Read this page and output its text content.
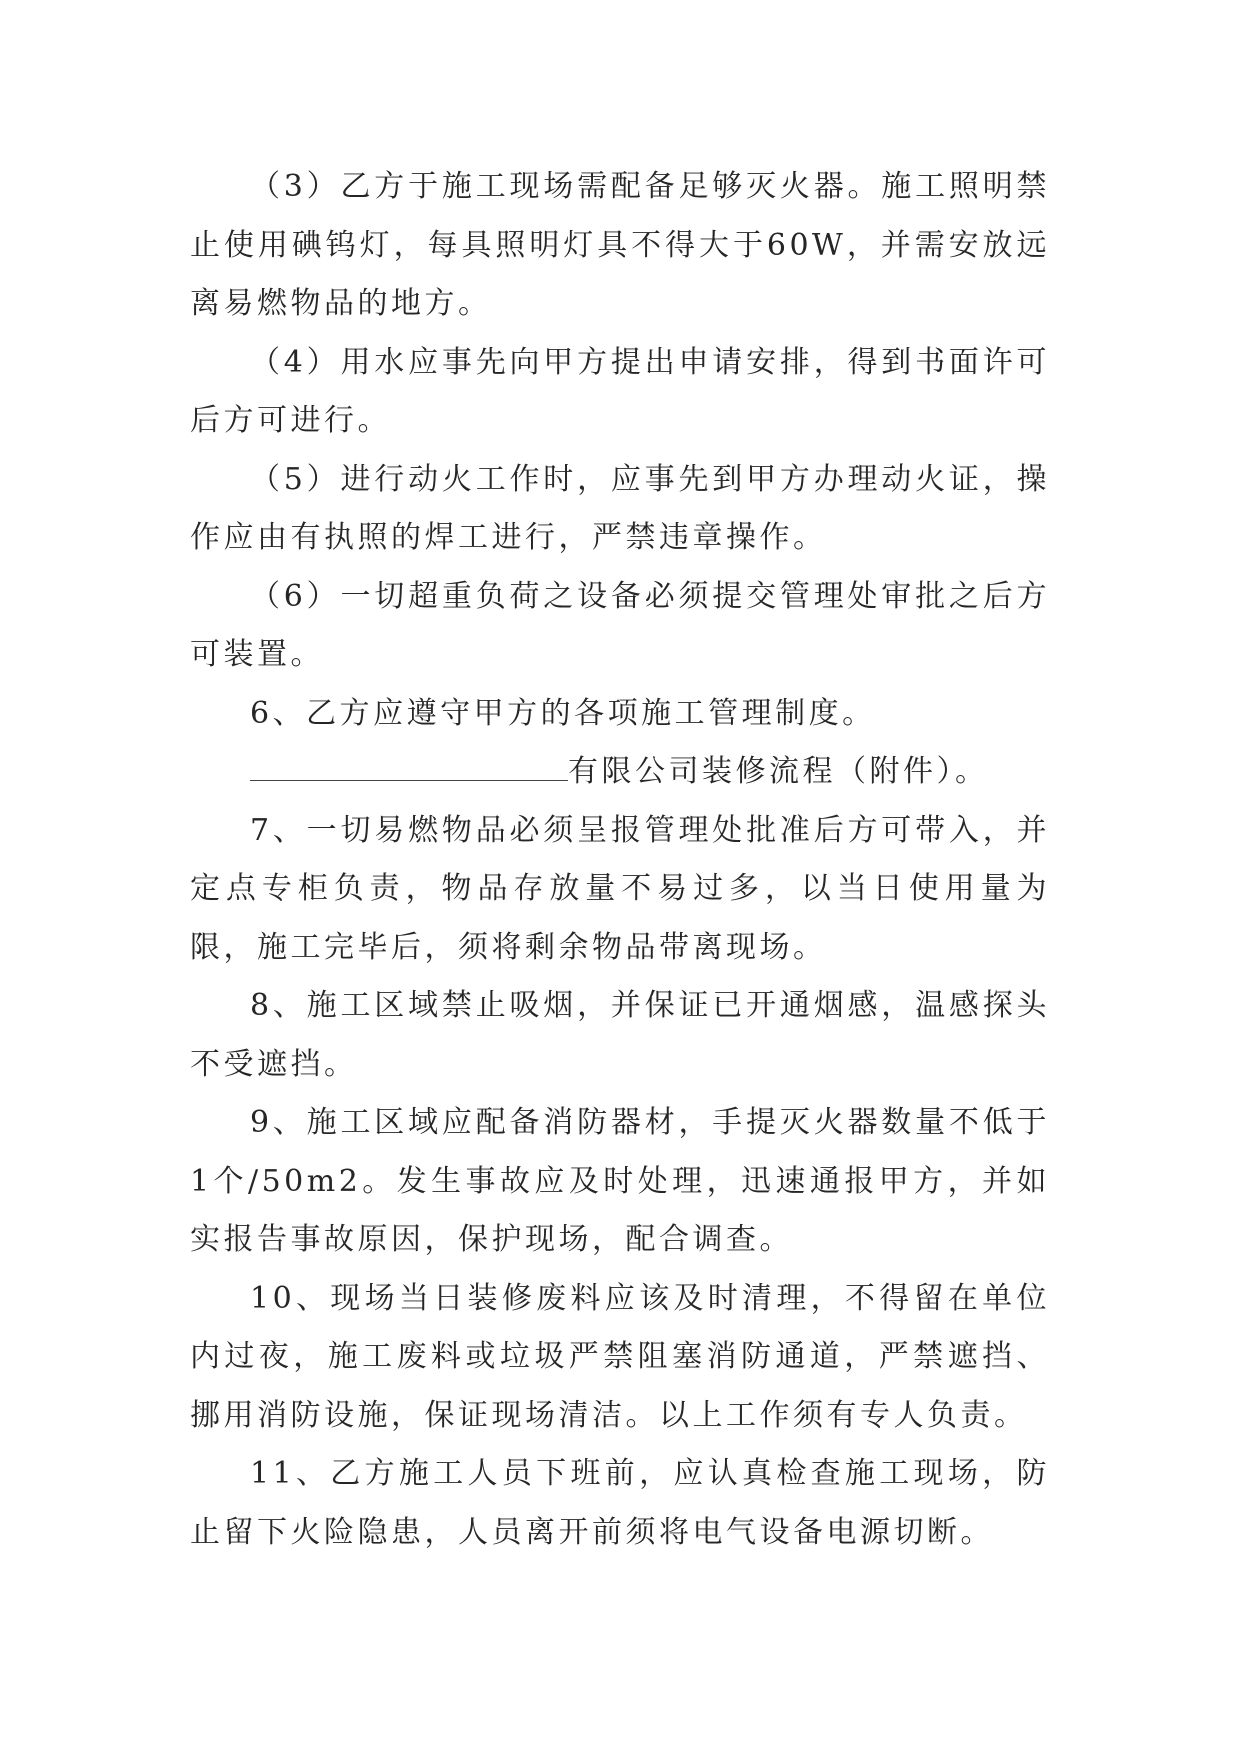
（3）乙方于施工现场需配备足够灭火器。施工照明禁止使用碘钨灯，每具照明灯具不得大于60W，并需安放远离易燃物品的地方。

（4）用水应事先向甲方提出申请安排，得到书面许可后方可进行。

（5）进行动火工作时，应事先到甲方办理动火证，操作应由有执照的焊工进行，严禁违章操作。

（6）一切超重负荷之设备必须提交管理处审批之后方可装置。

6、乙方应遵守甲方的各项施工管理制度。

有限公司装修流程（附件）。

7、一切易燃物品必须呈报管理处批准后方可带入，并定点专柜负责，物品存放量不易过多，以当日使用量为限，施工完毕后，须将剩余物品带离现场。

8、施工区域禁止吸烟，并保证已开通烟感，温感探头不受遮挡。

9、施工区域应配备消防器材，手提灭火器数量不低于1个/50m2。发生事故应及时处理，迅速通报甲方，并如实报告事故原因，保护现场，配合调查。

10、现场当日装修废料应该及时清理，不得留在单位内过夜，施工废料或垃圾严禁阻塞消防通道，严禁遮挡、挪用消防设施，保证现场清洁。以上工作须有专人负责。

11、乙方施工人员下班前，应认真检查施工现场，防止留下火险隐患，人员离开前须将电气设备电源切断。
